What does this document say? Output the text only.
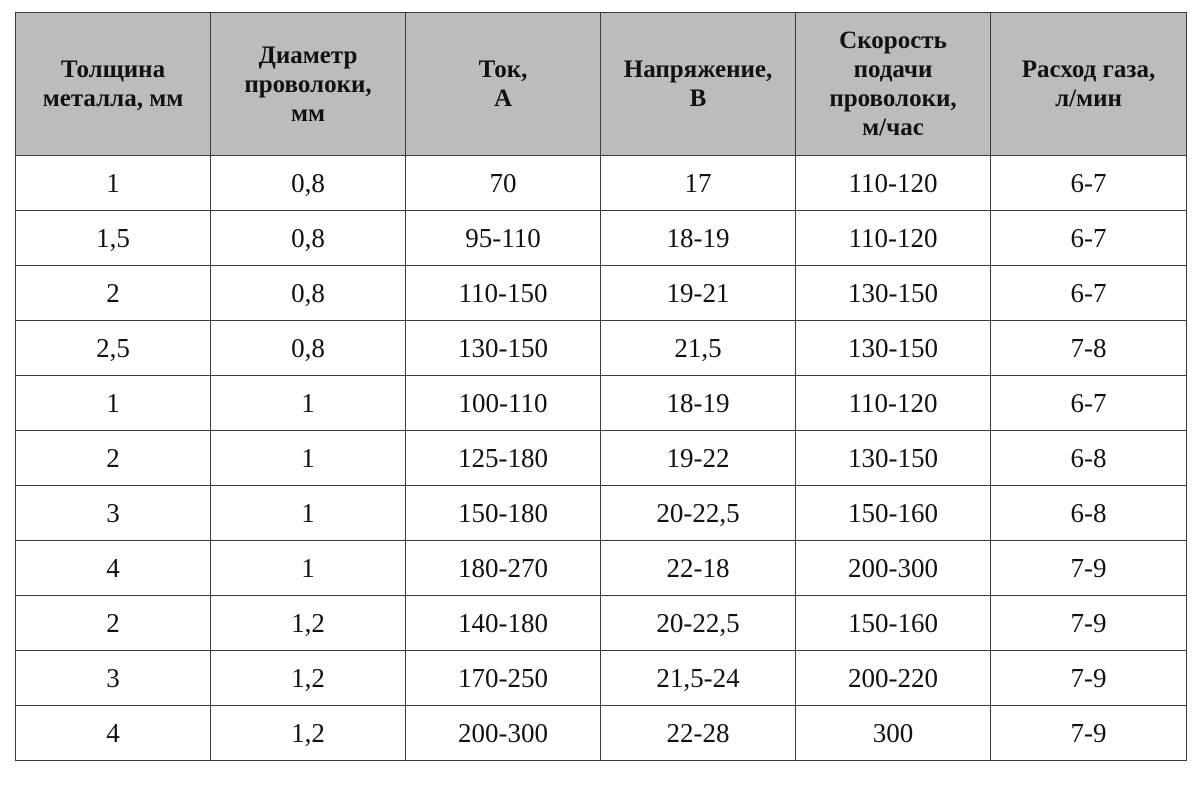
Толщина
металла, мм	Диаметр
проволоки,
мм	Ток,
А	Напряжение,
В	Скорость
подачи
проволоки,
м/час	Расход газа,
л/мин

1	0,8	70	17	110-120	6-7
1,5	0,8	95-110	18-19	110-120	6-7
2	0,8	110-150	19-21	130-150	6-7
2,5	0,8	130-150	21,5	130-150	7-8
1	1	100-110	18-19	110-120	6-7
2	1	125-180	19-22	130-150	6-8
3	1	150-180	20-22,5	150-160	6-8
4	1	180-270	22-18	200-300	7-9
2	1,2	140-180	20-22,5	150-160	7-9
3	1,2	170-250	21,5-24	200-220	7-9
4	1,2	200-300	22-28	300	7-9
